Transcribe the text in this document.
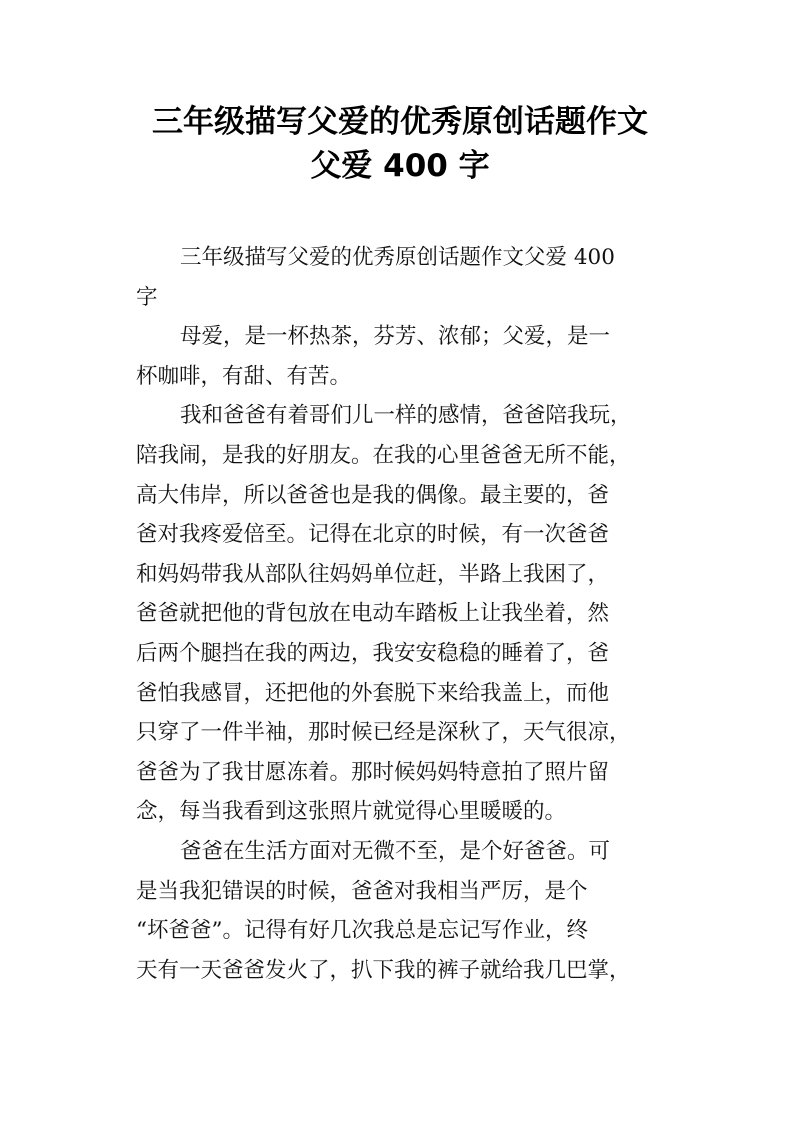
三年级描写父爱的优秀原创话题作文
父爱 400 字
三年级描写父爱的优秀原创话题作文父爱 400
字
母爱，是一杯热茶，芬芳、浓郁；父爱，是一
杯咖啡，有甜、有苦。
我和爸爸有着哥们儿一样的感情，爸爸陪我玩，
陪我闹，是我的好朋友。在我的心里爸爸无所不能，
高大伟岸，所以爸爸也是我的偶像。最主要的，爸
爸对我疼爱倍至。记得在北京的时候，有一次爸爸
和妈妈带我从部队往妈妈单位赶，半路上我困了，
爸爸就把他的背包放在电动车踏板上让我坐着，然
后两个腿挡在我的两边，我安安稳稳的睡着了，爸
爸怕我感冒，还把他的外套脱下来给我盖上，而他
只穿了一件半袖，那时候已经是深秋了，天气很凉，
爸爸为了我甘愿冻着。那时候妈妈特意拍了照片留
念，每当我看到这张照片就觉得心里暖暖的。
爸爸在生活方面对无微不至，是个好爸爸。可
是当我犯错误的时候，爸爸对我相当严厉，是个
“坏爸爸”。记得有好几次我总是忘记写作业，终
天有一天爸爸发火了，扒下我的裤子就给我几巴掌，
